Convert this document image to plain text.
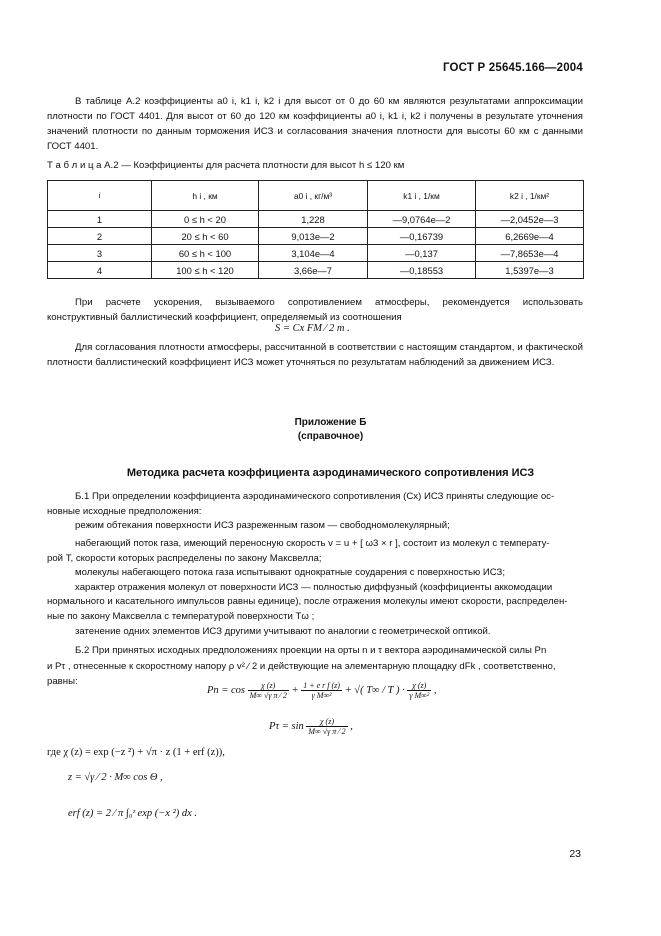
ГОСТ Р 25645.166—2004
В таблице А.2 коэффициенты a0 i, k1 i, k2 i для высот от 0 до 60 км являются результатами аппроксимации плотности по ГОСТ 4401. Для высот от 60 до 120 км коэффициенты a0 i, k1 i, k2 i получены в результате уточнения значений плотности по данным торможения ИСЗ и согласования значения плотности для высоты 60 км с данными ГОСТ 4401.
Т а б л и ц а А.2 — Коэффициенты для расчета плотности для высот h ≤ 120 км
i	h i , км	a0 i , кг/м³	k1 i , 1/км	k2 i , 1/км²
1	0 ≤ h < 20	1,228	—9,0764е—2	—2,0452е—3
2	20 ≤ h < 60	9,013е—2	—0,16739	6,2669е—4
3	60 ≤ h < 100	3,104е—4	—0,137	—7,8653е—4
4	100 ≤ h < 120	3,66е—7	—0,18553	1,5397е—3
При расчете ускорения, вызываемого сопротивлением атмосферы, рекомендуется использовать конструктивный баллистический коэффициент, определяемый из соотношения
S = Cx FM ⁄ 2 m .
Для согласования плотности атмосферы, рассчитанной в соответствии с настоящим стандартом, и фактической плотности баллистический коэффициент ИСЗ может уточняться по результатам наблюдений за движением ИСЗ.
Приложение Б
(справочное)
Методика расчета коэффициента аэродинамического сопротивления ИСЗ
Б.1 При определении коэффициента аэродинамического сопротивления (Cx) ИСЗ приняты следующие ос-
новные исходные предположения:
режим обтекания поверхности ИСЗ разреженным газом — свободномолекулярный;
набегающий поток газа, имеющий переносную скорость v = u + [ ω3 × r ], состоит из молекул с температу-
рой T, скорости которых распределены по закону Максвелла;
молекулы набегающего потока газа испытывают однократные соударения с поверхностью ИСЗ;
характер отражения молекул от поверхности ИСЗ — полностью диффузный (коэффициенты аккомодации
нормального и касательного импульсов равны единице), после отражения молекулы имеют скорости, распределен-
ные по закону Максвелла с температурой поверхности Tω ;
затенение одних элементов ИСЗ другими учитывают по аналогии с геометрической оптикой.
Б.2 При принятых исходных предположениях проекции на орты n и τ вектора аэродинамической силы Pn
и Pτ , отнесенные к скоростному напору ρ v² ⁄ 2 и действующие на элементарную площадку dFk , соответственно,
равны:
$Pn = \cos \frac{\chi (z)}{\text{M∞ √γ π ⁄ 2}} + \frac{\text{1 + e r f (z)}}{\text{γ M∞²}}$ + √( T∞ / T ) · $\frac{\chi (z)}{\text{γ M∞²}}$ ,
$P\tau = \sin \frac{\chi (z)}{\text{M∞ √γ π ⁄ 2}}$ ,
где χ (z) = exp (−z ²) + √π · z (1 + erf (z)),
z = √γ ⁄ 2 · M∞ cos Θ ,
erf (z) = 2 ⁄ π ∫₀ᶻ exp (−x ²) dx .
23
